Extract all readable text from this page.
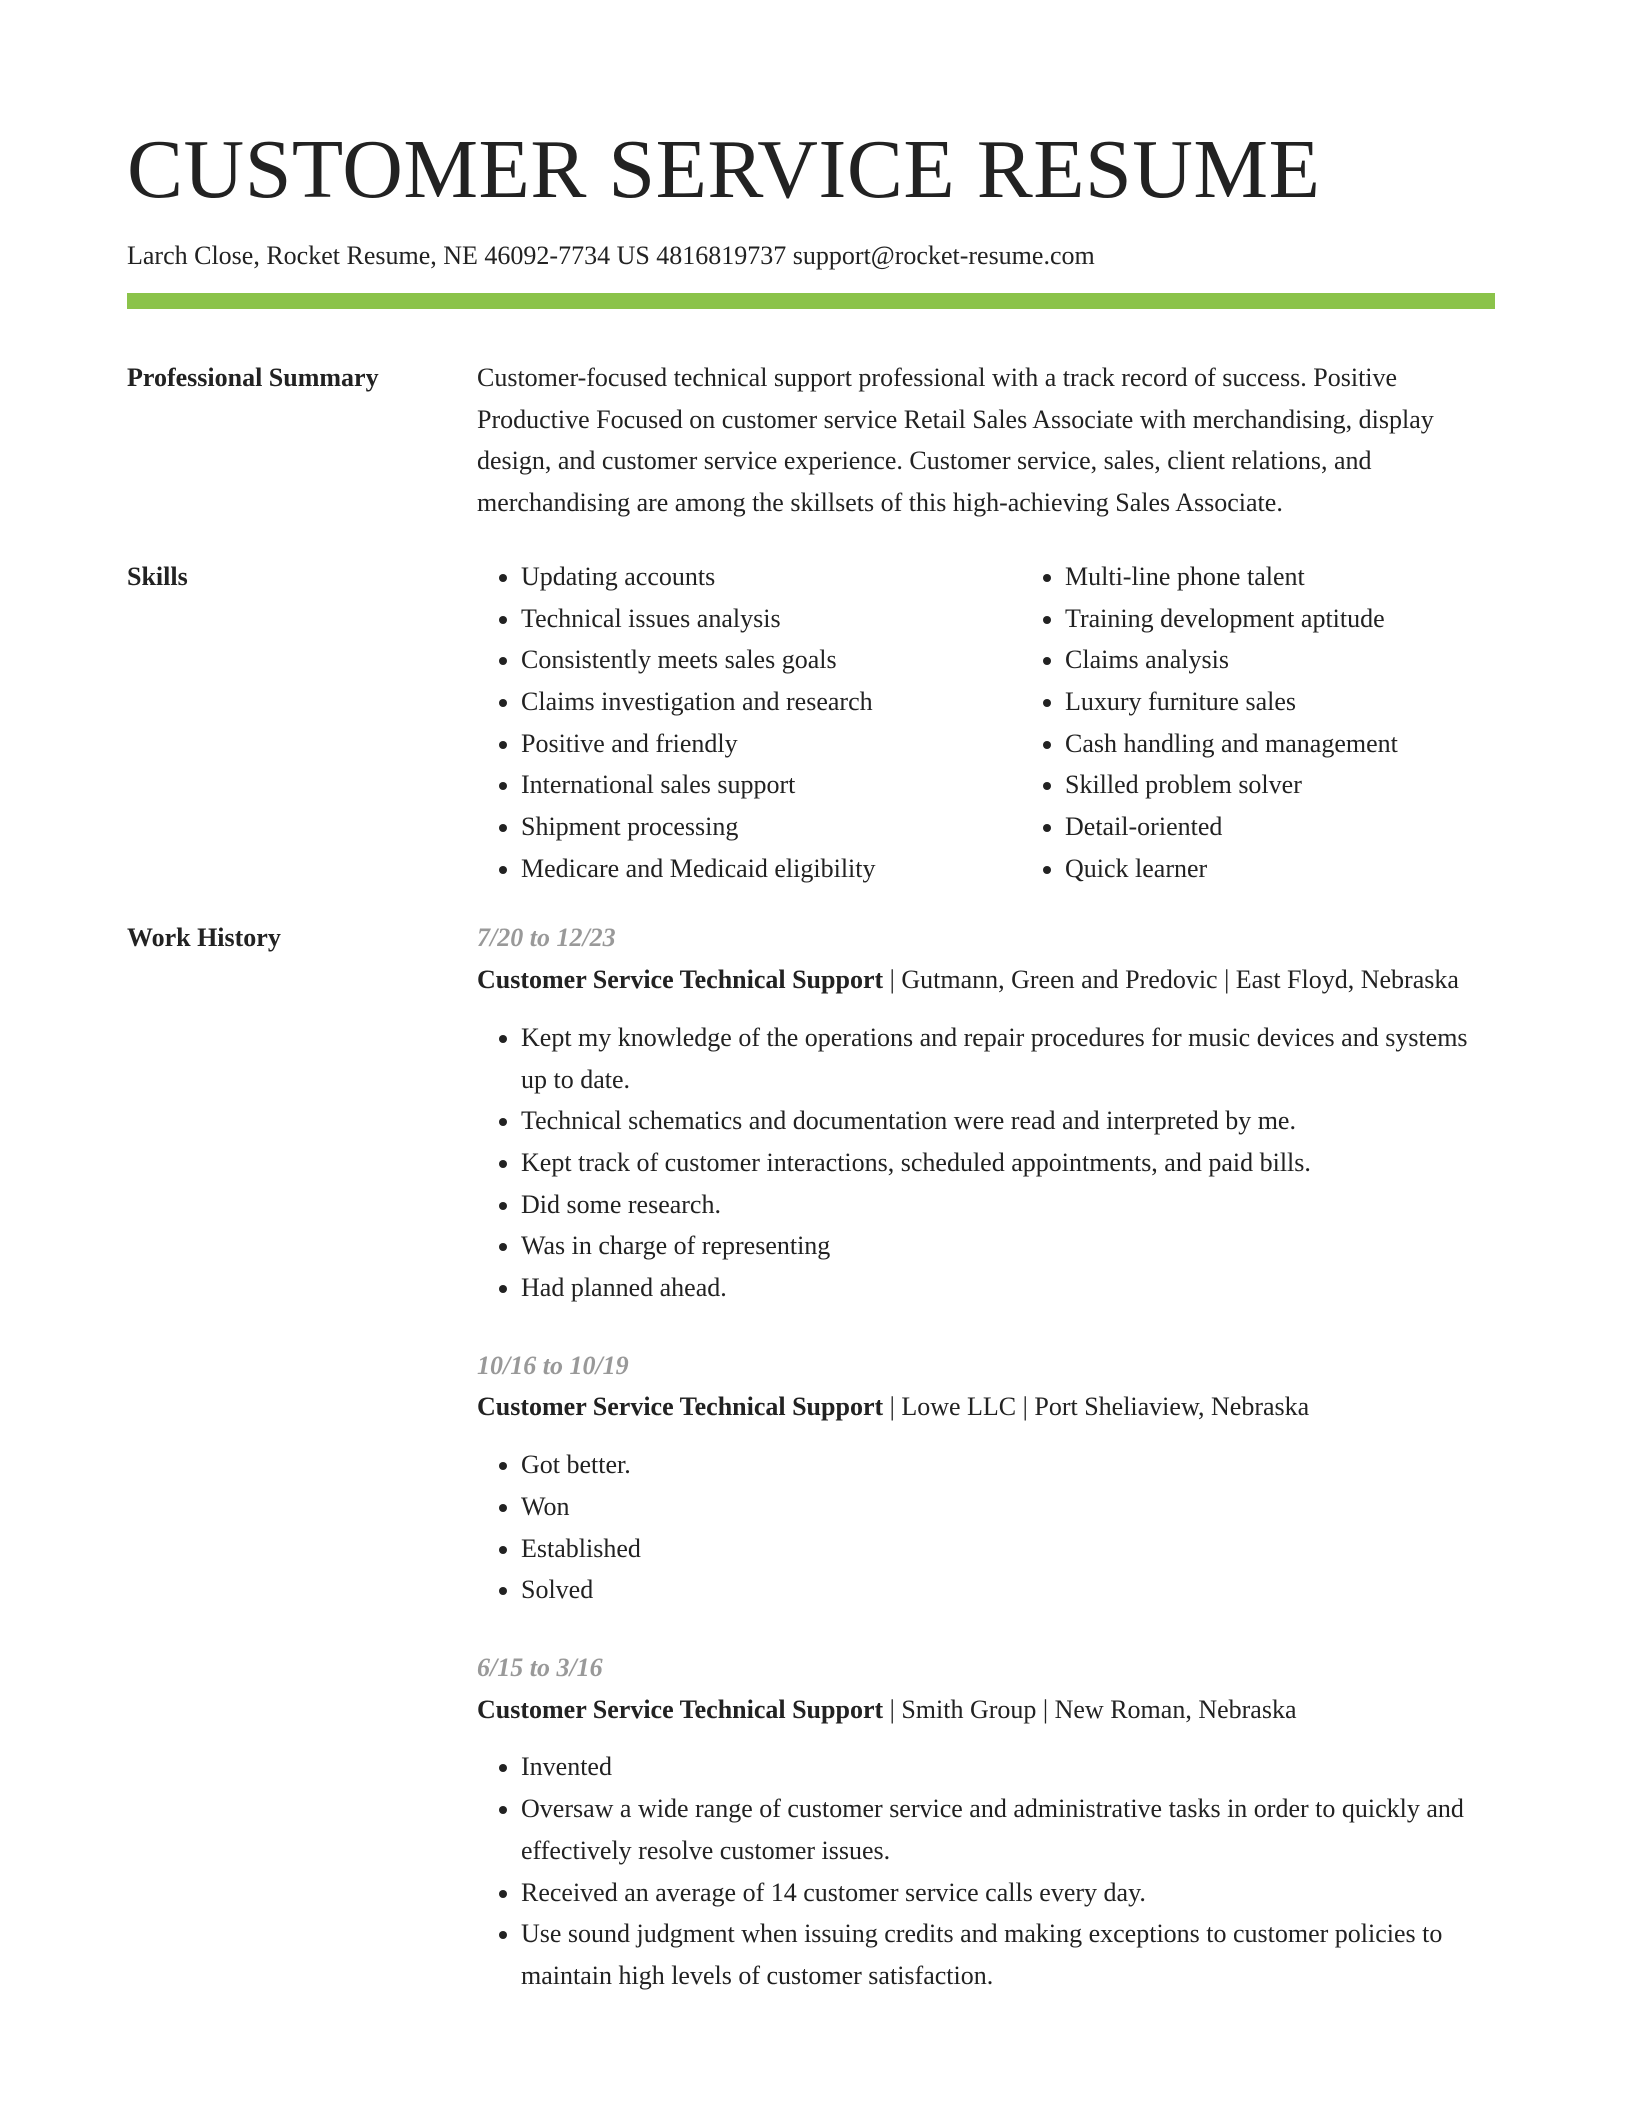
CUSTOMER SERVICE RESUME
Larch Close, Rocket Resume, NE 46092-7734 US 4816819737 support@rocket-resume.com
Professional Summary	Customer-focused technical support professional with a track record of success. Positive Productive Focused on customer service Retail Sales Associate with merchandising, display design, and customer service experience. Customer service, sales, client relations, and merchandising are among the skillsets of this high-achieving Sales Associate.

Skills
•	Updating accounts
• Technical issues analysis
• Consistently meets sales goals
• Claims investigation and research
• Positive and friendly
• International sales support
• Shipment processing
• Medicare and Medicaid eligibility
• Multi-line phone talent
• Training development aptitude
• Claims analysis
• Luxury furniture sales
• Cash handling and management
• Skilled problem solver
• Detail-oriented
• Quick learner
Work History	7/20 to 12/23
Customer Service Technical Support | Gutmann, Green and Predovic | East Floyd, Nebraska
• Kept my knowledge of the operations and repair procedures for music devices and systems up to date.
• Technical schematics and documentation were read and interpreted by me.
• Kept track of customer interactions, scheduled appointments, and paid bills.
• Did some research.
• Was in charge of representing
• Had planned ahead.
10/16 to 10/19
Customer Service Technical Support | Lowe LLC | Port Sheliaview, Nebraska
• Got better.
• Won
• Established
• Solved
6/15 to 3/16
Customer Service Technical Support | Smith Group | New Roman, Nebraska
• Invented
• Oversaw a wide range of customer service and administrative tasks in order to quickly and effectively resolve customer issues.
• Received an average of 14 customer service calls every day.
• Use sound judgment when issuing credits and making exceptions to customer policies to maintain high levels of customer satisfaction.
